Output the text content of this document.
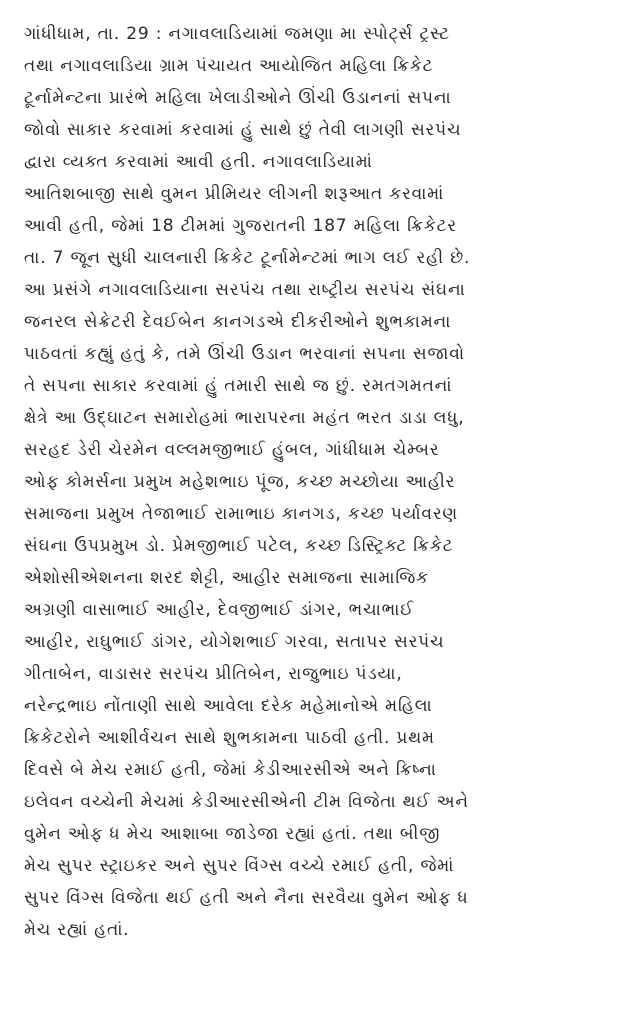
ગાંધીધામ, તા. 29 : નગાવલાડિયામાં જમણા મા સ્પોર્ટ્સ ટ્રસ્ટ
તથા નગાવલાડિયા ગ્રામ પંચાયત આયોજિત મહિલા ક્રિકેટ
ટૂર્નામેન્ટના પ્રારંભે મહિલા ખેલાડીઓને ઊંચી ઉડાનનાં સપના
જોવો સાકાર કરવામાં કરવામાં હું સાથે છું તેવી લાગણી સરપંચ
દ્વારા વ્યક્ત કરવામાં આવી હતી. નગાવલાડિયામાં
આતિશબાજી સાથે વુમન પ્રીમિયર લીગની શરૂઆત કરવામાં
આવી હતી, જેમાં 18 ટીમમાં ગુજરાતની 187 મહિલા ક્રિકેટર
તા. 7 જૂન સુધી ચાલનારી ક્રિકેટ ટૂર્નામેન્ટમાં ભાગ લઈ રહી છે.
આ પ્રસંગે નગાવલાડિયાના સરપંચ તથા રાષ્ટ્રીય સરપંચ સંઘના
જનરલ સેક્રેટરી દેવઈબેન કાનગડએ દીકરીઓને શુભકામના
પાઠવતાં કહ્યું હતું કે, તમે ઊંચી ઉડાન ભરવાનાં સપના સજાવો
તે સપના સાકાર કરવામાં હું તમારી સાથે જ છું. રમતગમતનાં
ક્ષેત્રે આ ઉદ્ઘાટન સમારોહમાં ભારાપરના મહંત ભરત ડાડા લધુ,
સરહદ ડેરી ચેરમેન વલ્લમજીભાઈ હુંબલ, ગાંધીધામ ચેમ્બર
ઓફ કોમર્સના પ્રમુખ મહેશભાઇ પૂંજ, કચ્છ મચ્છોયા આહીર
સમાજના પ્રમુખ તેજાભાઈ રામાભાઇ કાનગડ, કચ્છ પર્યાવરણ
સંઘના ઉપપ્રમુખ ડો. પ્રેમજીભાઈ પટેલ, કચ્છ ડિસ્ટ્રિક્ટ ક્રિકેટ
એશોસીએશનના શરદ શેટ્ટી, આહીર સમાજના સામાજિક
અગ્રણી વાસાભાઈ આહીર, દેવજીભાઈ ડાંગર, ભચાભાઈ
આહીર, રાઘુભાઈ ડાંગર, યોગેશભાઈ ગરવા, સતાપર સરપંચ
ગીતાબેન, વાડાસર સરપંચ પ્રીતિબેન, રાજુભાઇ પંડયા,
નરેન્દ્રભાઇ નોંતાણી સાથે આવેલા દરેક મહેમાનોએ મહિલા
ક્રિકેટરોને આશીર્વચન સાથે શુભકામના પાઠવી હતી. પ્રથમ
દિવસે બે મેચ રમાઈ હતી, જેમાં કેડીઆરસીએ અને ક્રિષ્ના
ઇલેવન વચ્ચેની મેચમાં કેડીઆરસીએની ટીમ વિજેતા થઈ અને
વુમેન ઓફ ધ મેચ આશાબા જાડેજા રહ્યાં હતાં. તથા બીજી
મેચ સુપર સ્ટ્રાઇકર અને સુપર વિંગ્સ વચ્ચે રમાઈ હતી, જેમાં
સુપર વિંગ્સ વિજેતા થઈ હતી અને નૈના સરવૈયા વુમેન ઓફ ધ
મેચ રહ્યાં હતાં.
